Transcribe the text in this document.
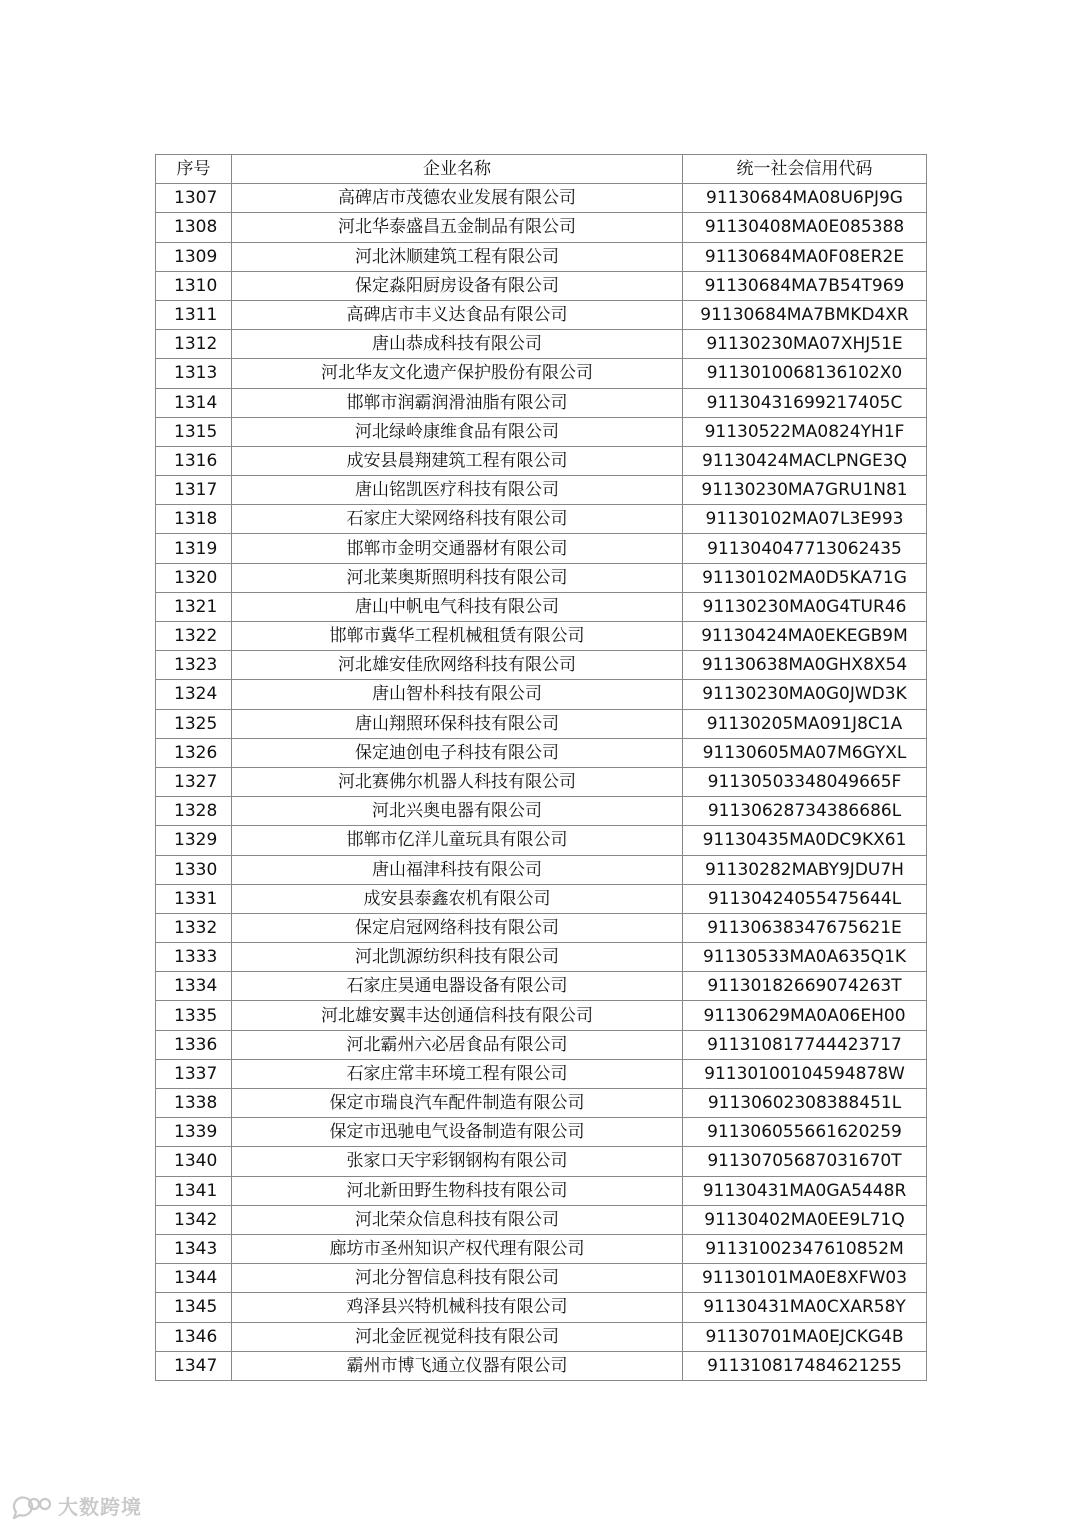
序号	企业名称	统一社会信用代码
1307	高碑店市茂德农业发展有限公司	91130684MA08U6PJ9G
1308	河北华泰盛昌五金制品有限公司	91130408MA0E085388
1309	河北沐顺建筑工程有限公司	91130684MA0F08ER2E
1310	保定淼阳厨房设备有限公司	91130684MA7B54T969
1311	高碑店市丰义达食品有限公司	91130684MA7BMKD4XR
1312	唐山恭成科技有限公司	91130230MA07XHJ51E
1313	河北华友文化遗产保护股份有限公司	9113010068136102X0
1314	邯郸市润霸润滑油脂有限公司	91130431699217405C
1315	河北绿岭康维食品有限公司	91130522MA0824YH1F
1316	成安县晨翔建筑工程有限公司	91130424MACLPNGE3Q
1317	唐山铭凯医疗科技有限公司	91130230MA7GRU1N81
1318	石家庄大梁网络科技有限公司	91130102MA07L3E993
1319	邯郸市金明交通器材有限公司	911304047713062435
1320	河北莱奥斯照明科技有限公司	91130102MA0D5KA71G
1321	唐山中帆电气科技有限公司	91130230MA0G4TUR46
1322	邯郸市冀华工程机械租赁有限公司	91130424MA0EKEGB9M
1323	河北雄安佳欣网络科技有限公司	91130638MA0GHX8X54
1324	唐山智朴科技有限公司	91130230MA0G0JWD3K
1325	唐山翔照环保科技有限公司	91130205MA091J8C1A
1326	保定迪创电子科技有限公司	91130605MA07M6GYXL
1327	河北赛佛尔机器人科技有限公司	91130503348049665F
1328	河北兴奥电器有限公司	9113062873438668​6L
1329	邯郸市亿洋儿童玩具有限公司	91130435MA0DC9KX61
1330	唐山福津科技有限公司	91130282MABY9JDU7H
1331	成安县泰鑫农机有限公司	91130424055475644L
1332	保定启冠网络科技有限公司	91130638347675621E
1333	河北凯源纺织科技有限公司	91130533MA0A635Q1K
1334	石家庄昊通电器设备有限公司	91130182669074263T
1335	河北雄安翼丰达创通信科技有限公司	91130629MA0A06EH00
1336	河北霸州六必居食品有限公司	911310817744423717
1337	石家庄常丰环境工程有限公司	91130100104594878W
1338	保定市瑞良汽车配件制造有限公司	91130602308388451L
1339	保定市迅驰电气设备制造有限公司	911306055661620259
1340	张家口天宇彩钢钢构有限公司	91130705687031670T
1341	河北新田野生物科技有限公司	91130431MA0GA5448R
1342	河北荣众信息科技有限公司	91130402MA0EE9L71Q
1343	廊坊市圣州知识产权代理有限公司	91131002347610852M
1344	河北分智信息科技有限公司	91130101MA0E8XFW03
1345	鸡泽县兴特机械科技有限公司	91130431MA0CXAR58Y
1346	河北金匠视觉科技有限公司	91130701MA0EJCKG4B
1347	霸州市博飞通立仪器有限公司	911310817484621255
大数跨境
